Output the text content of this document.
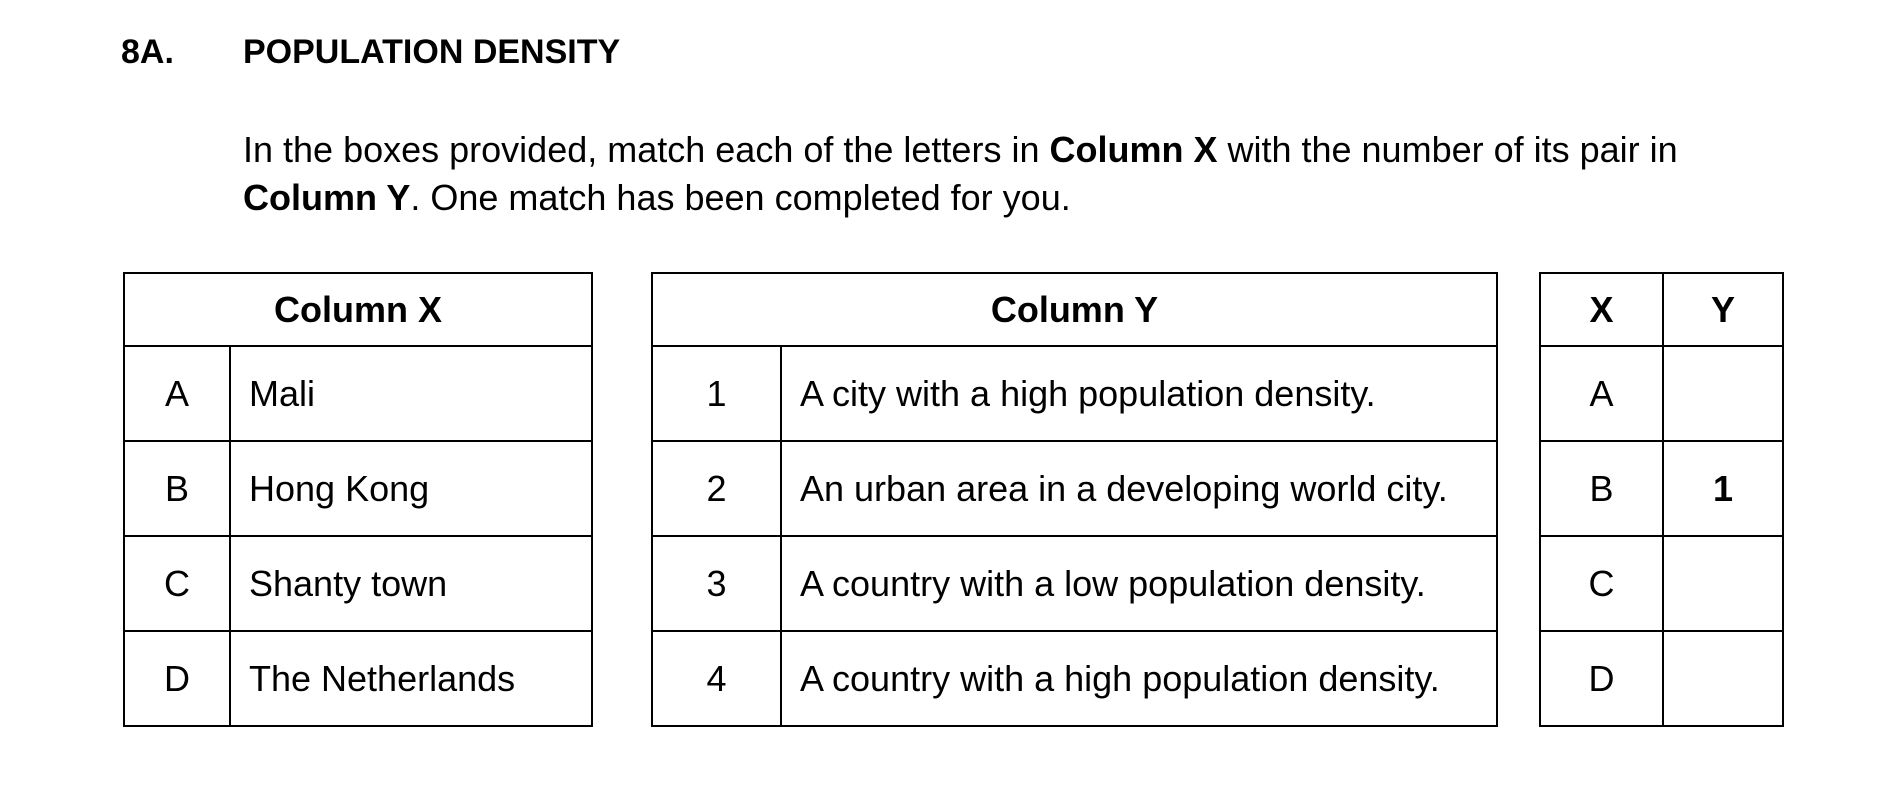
8A. POPULATION DENSITY
In the boxes provided, match each of the letters in Column X with the number of its pair in
Column Y. One match has been completed for you.
Column X	
A	Mali
B	Hong Kong
C	Shanty town
D	The Netherlands
Column Y	
1	A city with a high population density.
2	An urban area in a developing world city.
3	A country with a low population density.
4	A country with a high population density.
X	Y
A	
B	1
C	
D	
